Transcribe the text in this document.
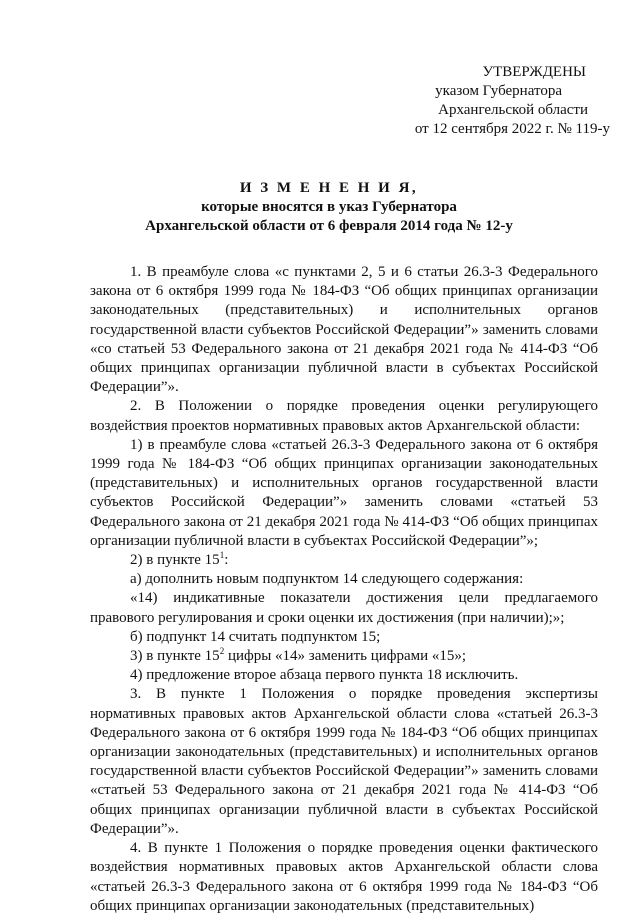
УТВЕРЖДЕНЫ
указом Губернатора
Архангельской области
от 12 сентября 2022 г. № 119-у
И З М Е Н Е Н И Я,
которые вносятся в указ Губернатора
Архангельской области от 6 февраля 2014 года № 12-у

1. В преамбуле слова «с пунктами 2, 5 и 6 статьи 26.3-3 Федерального закона от 6 октября 1999 года № 184-ФЗ “Об общих принципах организации законодательных (представительных) и исполнительных органов государственной власти субъектов Российской Федерации”» заменить словами «со статьей 53 Федерального закона от 21 декабря 2021 года № 414-ФЗ “Об общих принципах организации публичной власти в субъектах Российской Федерации”».

2. В Положении о порядке проведения оценки регулирующего воздействия проектов нормативных правовых актов Архангельской области:

1) в преамбуле слова «статьей 26.3-3 Федерального закона от 6 октября 1999 года № 184-ФЗ “Об общих принципах организации законодательных (представительных) и исполнительных органов государственной власти субъектов Российской Федерации”» заменить словами «статьей 53 Федерального закона от 21 декабря 2021 года № 414-ФЗ “Об общих принципах организации публичной власти в субъектах Российской Федерации”»;

2) в пункте $15^1$:

а) дополнить новым подпунктом 14 следующего содержания:

«14) индикативные показатели достижения цели предлагаемого правового регулирования и сроки оценки их достижения (при наличии);»;

б) подпункт 14 считать подпунктом 15;

3) в пункте $15^2$ цифры «14» заменить цифрами «15»;

4) предложение второе абзаца первого пункта 18 исключить.

3. В пункте 1 Положения о порядке проведения экспертизы нормативных правовых актов Архангельской области слова «статьей 26.3-3 Федерального закона от 6 октября 1999 года № 184-ФЗ “Об общих принципах организации законодательных (представительных) и исполнительных органов государственной власти субъектов Российской Федерации”» заменить словами «статьей 53 Федерального закона от 21 декабря 2021 года № 414-ФЗ “Об общих принципах организации публичной власти в субъектах Российской Федерации”».

4. В пункте 1 Положения о порядке проведения оценки фактического воздействия нормативных правовых актов Архангельской области слова «статьей 26.3-3 Федерального закона от 6 октября 1999 года № 184-ФЗ “Об общих принципах организации законодательных (представительных)
